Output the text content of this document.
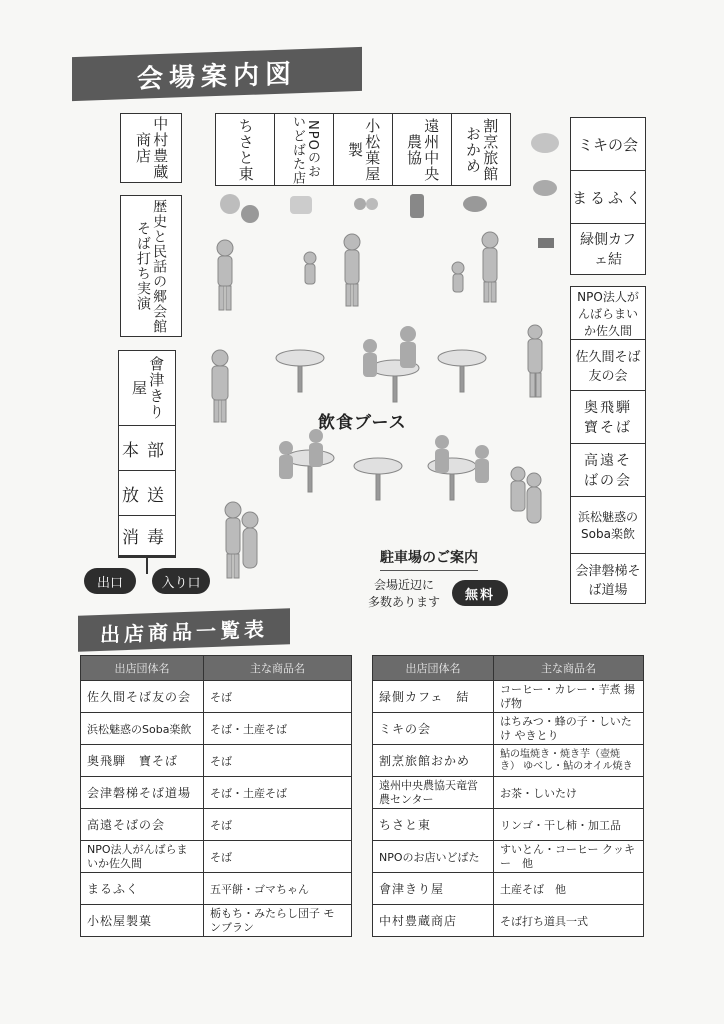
会場案内図
ちさと東	NPOのおいどばた店	小松菓屋製	遠州中央農協	割烹旅館おかめ
中村豊蔵商店
歴史と民話の郷会館そば打ち実演
會津きり屋
本部
放送
消毒
出口	入り口
ミキの会
まるふく
緑側カフェ結
NPO法人がんばらまいか佐久間
佐久間そば友の会
奥飛騨寶そば
高遠そばの会
浜松魅惑のSoba楽飲
会津磐梯そば道場
飲食ブース
駐車場のご案内
会場近辺に
多数あります	無料
出店商品一覧表
出店団体名	主な商品名
佐久間そば友の会	そば
浜松魅惑のSoba楽飲	そば・土産そば
奥飛騨　寶そば	そば
会津磐梯そば道場	そば・土産そば
高遠そばの会	そば
NPO法人がんばらまいか佐久間	そば
まるふく	五平餅・ゴマちゃん
小松屋製菓	栃もち・みたらし団子 モンブラン
出店団体名	主な商品名
緑側カフェ　結	コーヒー・カレー・芋煮 揚げ物
ミキの会	はちみつ・蜂の子・しいたけ やきとり
割烹旅館おかめ	鮎の塩焼き・焼き芋（壺焼き） ゆべし・鮎のオイル焼き
遠州中央農協天竜営農センター	お茶・しいたけ
ちさと東	リンゴ・干し柿・加工品
NPOのお店いどばた	すいとん・コーヒー クッキー　他
會津きり屋	土産そば　他
中村豊蔵商店	そば打ち道具一式
